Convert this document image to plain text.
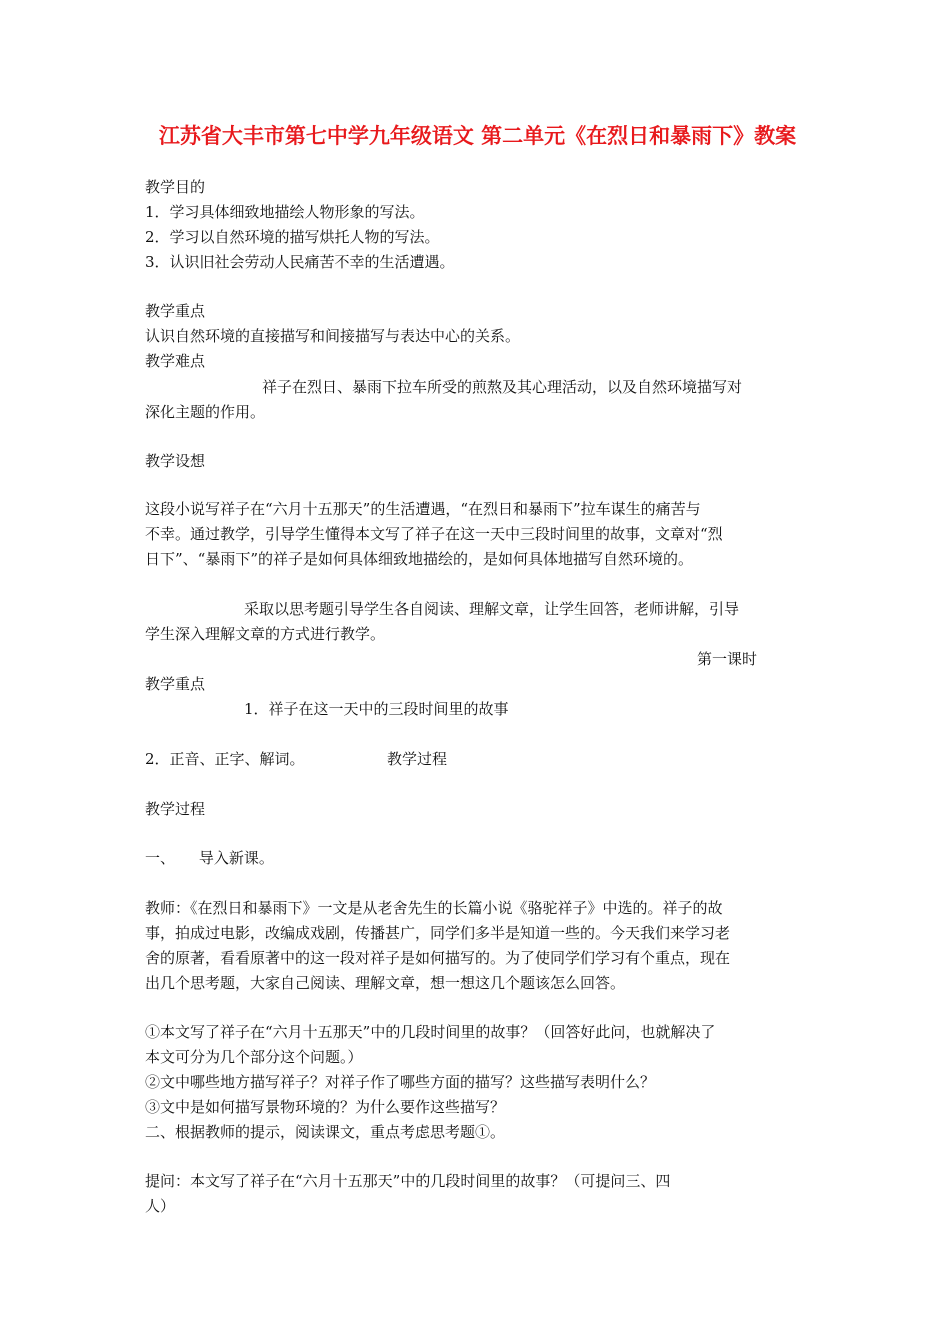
江苏省大丰市第七中学九年级语文 第二单元《在烈日和暴雨下》教案

教学目的

1．学习具体细致地描绘人物形象的写法。

2．学习以自然环境的描写烘托人物的写法。

3．认识旧社会劳动人民痛苦不幸的生活遭遇。

教学重点

认识自然环境的直接描写和间接描写与表达中心的关系。

教学难点

祥子在烈日、暴雨下拉车所受的煎熬及其心理活动，以及自然环境描写对

深化主题的作用。

教学设想

这段小说写祥子在“六月十五那天”的生活遭遇，“在烈日和暴雨下”拉车谋生的痛苦与

不幸。通过教学，引导学生懂得本文写了祥子在这一天中三段时间里的故事，文章对“烈

日下”、“暴雨下”的祥子是如何具体细致地描绘的，是如何具体地描写自然环境的。

采取以思考题引导学生各自阅读、理解文章，让学生回答，老师讲解，引导

学生深入理解文章的方式进行教学。

第一课时

教学重点

1．祥子在这一天中的三段时间里的故事

2．正音、正字、解词。	教学过程

教学过程

一、     导入新课。

教师：《在烈日和暴雨下》一文是从老舍先生的长篇小说《骆驼祥子》中选的。祥子的故

事，拍成过电影，改编成戏剧，传播甚广，同学们多半是知道一些的。今天我们来学习老

舍的原著，看看原著中的这一段对祥子是如何描写的。为了使同学们学习有个重点，现在

出几个思考题，大家自己阅读、理解文章，想一想这几个题该怎么回答。

①本文写了祥子在“六月十五那天”中的几段时间里的故事？（回答好此问，也就解决了

本文可分为几个部分这个问题。）

②文中哪些地方描写祥子？对祥子作了哪些方面的描写？这些描写表明什么？

③文中是如何描写景物环境的？为什么要作这些描写？

二、根据教师的提示，阅读课文，重点考虑思考题①。

提问：本文写了祥子在“六月十五那天”中的几段时间里的故事？（可提问三、四

人）
